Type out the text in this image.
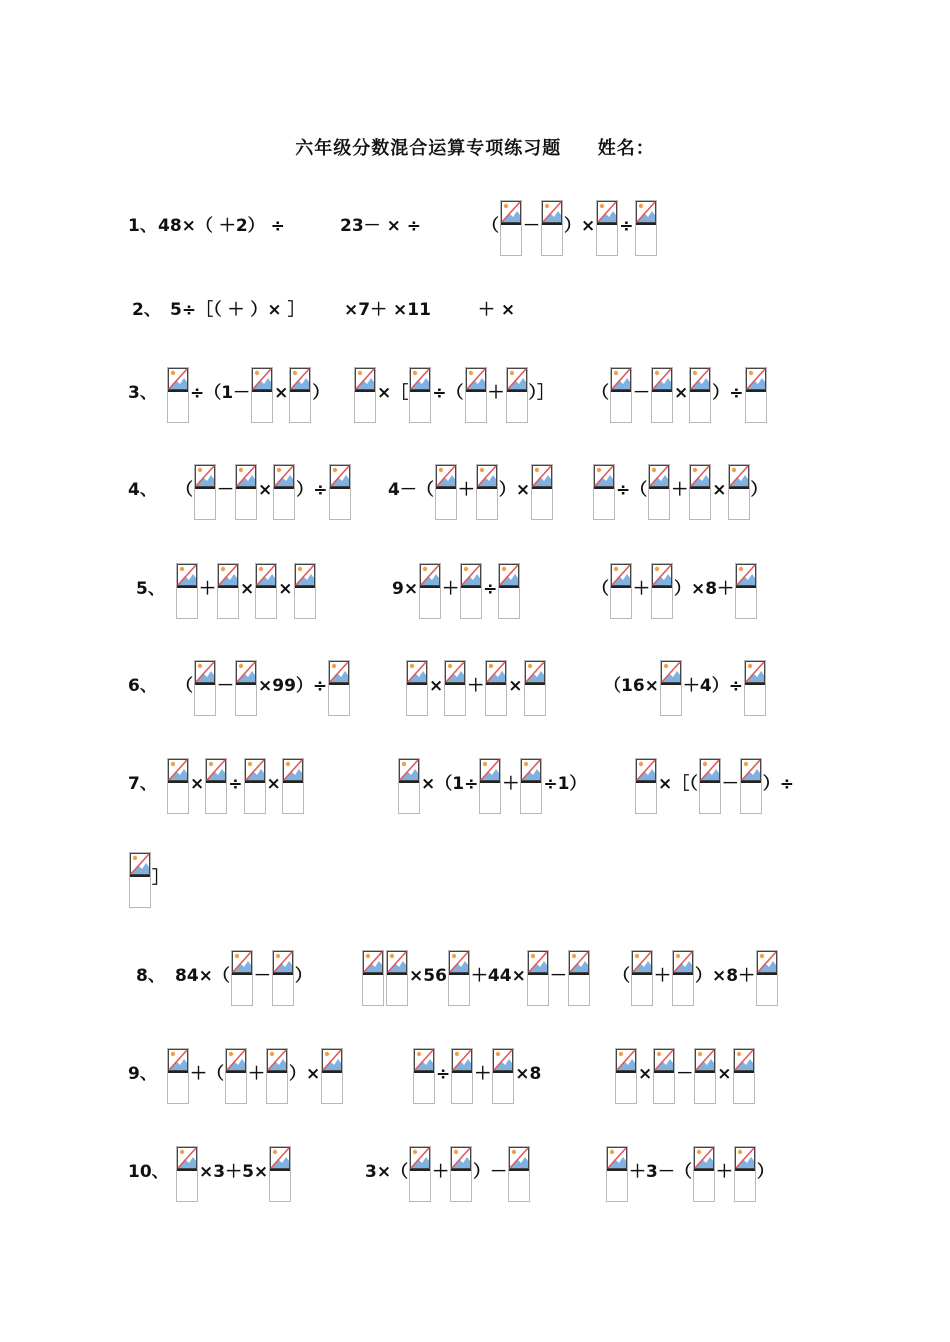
六年级分数混合运算专项练习题 姓名：
1、 48×（ ＋2） ÷	23－ × ÷	（ － ）× ÷
2、 5÷［（ ＋ ）× ］ ×7＋ ×11	＋ ×
3、 ÷（1－ × ）	×［ ÷（ ＋ ）］ （ － × ）÷
4、 （ － × ）÷	4－（ ＋ ）×	÷（ ＋ × ）
5、 ＋ × ×	9× ＋ ÷	（ ＋ ）×8＋
6、 （ － ×99）÷	× ＋ ×	（16× ＋4）÷
7、 × ÷ ×	×（1÷ ＋ ÷1）	×［（ － ）÷
］
8、 84×（ － ）	×56 ＋44× －	（ ＋ ）×8＋
9、 ＋（ ＋ ）×	÷ ＋ ×8	× － ×
10、 ×3＋5×	3×（ ＋ ）－	＋3－（ ＋ ）
